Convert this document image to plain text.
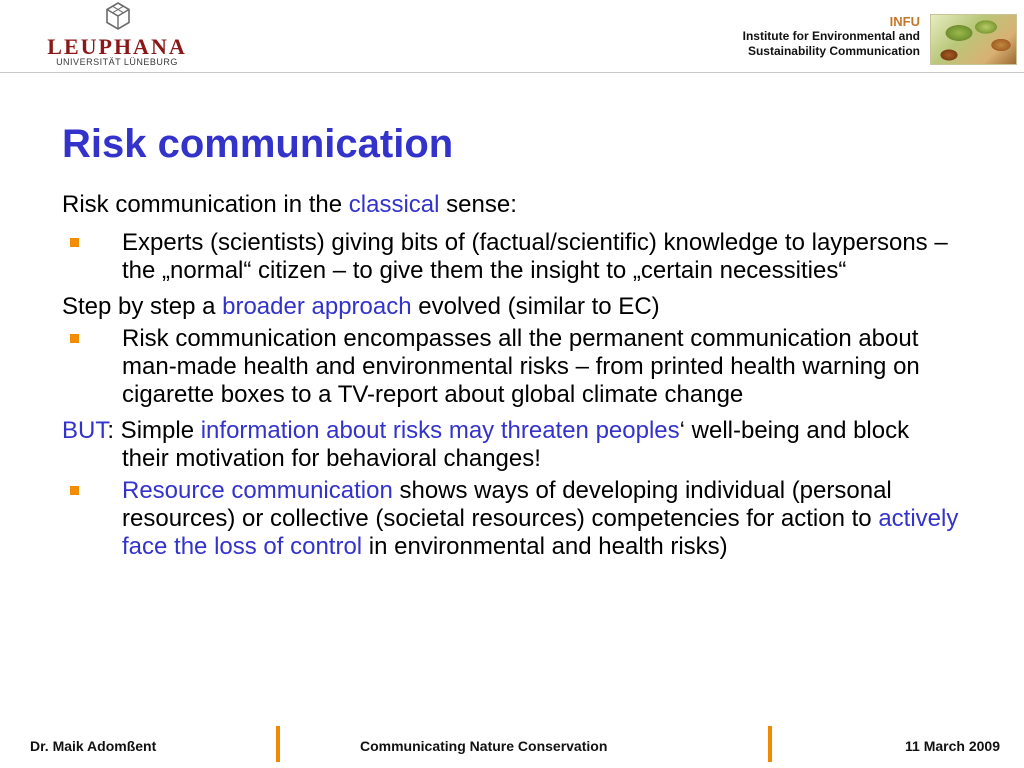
LEUPHANA
UNIVERSITÄT LÜNEBURG
INFU
Institute for Environmental and
Sustainability Communication
Risk communication

Risk communication in the classical sense:

Experts (scientists) giving bits of (factual/scientific) knowledge to laypersons – the „normal“ citizen – to give them the insight to „certain necessities“

Step by step a broader approach evolved (similar to EC)

Risk communication encompasses all the permanent communication about man-made health and environmental risks – from printed health warning on cigarette boxes to a TV-report about global climate change

BUT: Simple information about risks may threaten peoples‘ well-being and block their motivation for behavioral changes!

Resource communication shows ways of developing individual (personal resources) or collective (societal resources) competencies for action to actively face the loss of control in environmental and health risks)
Dr. Maik Adomßent	Communicating Nature Conservation	11 March 2009
